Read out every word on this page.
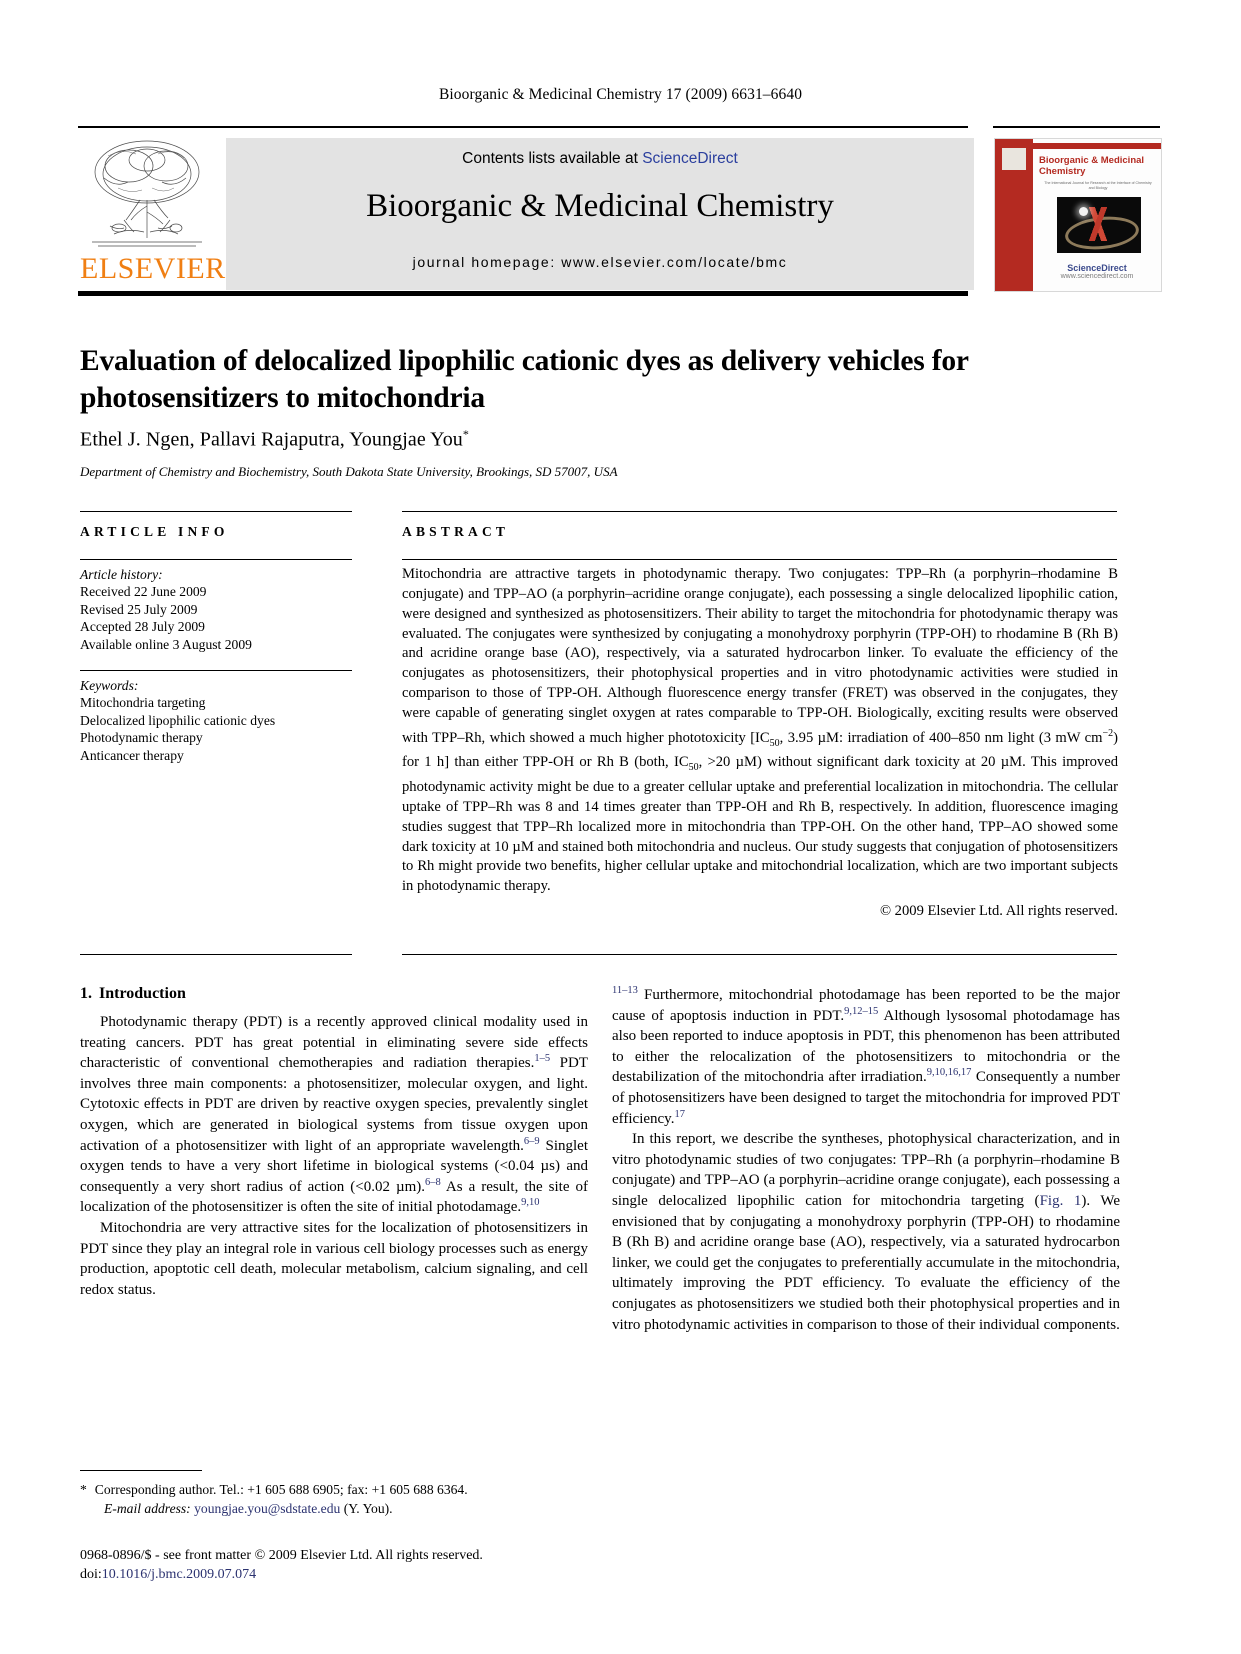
Bioorganic & Medicinal Chemistry 17 (2009) 6631–6640
ELSEVIER
Contents lists available at ScienceDirect
Bioorganic & Medicinal Chemistry
journal homepage: www.elsevier.com/locate/bmc
Bioorganic & Medicinal Chemistry
The International Journal for Research at the Interface of Chemistry and Biology
ScienceDirect
www.sciencedirect.com
Evaluation of delocalized lipophilic cationic dyes as delivery vehicles for photosensitizers to mitochondria
Ethel J. Ngen, Pallavi Rajaputra, Youngjae You*
Department of Chemistry and Biochemistry, South Dakota State University, Brookings, SD 57007, USA
ARTICLE INFO	ABSTRACT
Article history:
Received 22 June 2009
Revised 25 July 2009
Accepted 28 July 2009
Available online 3 August 2009
Keywords:
Mitochondria targeting
Delocalized lipophilic cationic dyes
Photodynamic therapy
Anticancer therapy
Mitochondria are attractive targets in photodynamic therapy. Two conjugates: TPP–Rh (a porphyrin–rhodamine B conjugate) and TPP–AO (a porphyrin–acridine orange conjugate), each possessing a single delocalized lipophilic cation, were designed and synthesized as photosensitizers. Their ability to target the mitochondria for photodynamic therapy was evaluated. The conjugates were synthesized by conjugating a monohydroxy porphyrin (TPP-OH) to rhodamine B (Rh B) and acridine orange base (AO), respectively, via a saturated hydrocarbon linker. To evaluate the efficiency of the conjugates as photosensitizers, their photophysical properties and in vitro photodynamic activities were studied in comparison to those of TPP-OH. Although fluorescence energy transfer (FRET) was observed in the conjugates, they were capable of generating singlet oxygen at rates comparable to TPP-OH. Biologically, exciting results were observed with TPP–Rh, which showed a much higher phototoxicity [$IC_{50}$, 3.95 µM: irradiation of 400–850 nm light (3 mW $cm^{-2}$) for 1 h] than either TPP-OH or Rh B (both, $IC_{50}$, >20 µM) without significant dark toxicity at 20 µM. This improved photodynamic activity might be due to a greater cellular uptake and preferential localization in mitochondria. The cellular uptake of TPP–Rh was 8 and 14 times greater than TPP-OH and Rh B, respectively. In addition, fluorescence imaging studies suggest that TPP–Rh localized more in mitochondria than TPP-OH. On the other hand, TPP–AO showed some dark toxicity at 10 µM and stained both mitochondria and nucleus. Our study suggests that conjugation of photosensitizers to Rh might provide two benefits, higher cellular uptake and mitochondrial localization, which are two important subjects in photodynamic therapy.
© 2009 Elsevier Ltd. All rights reserved.
1. Introduction

Photodynamic therapy (PDT) is a recently approved clinical modality used in treating cancers. PDT has great potential in eliminating severe side effects characteristic of conventional chemotherapies and radiation therapies.$^{1-5}$ PDT involves three main components: a photosensitizer, molecular oxygen, and light. Cytotoxic effects in PDT are driven by reactive oxygen species, prevalently singlet oxygen, which are generated in biological systems from tissue oxygen upon activation of a photosensitizer with light of an appropriate wavelength.$^{6-9}$ Singlet oxygen tends to have a very short lifetime in biological systems (<0.04 µs) and consequently a very short radius of action (<0.02 µm).$^{6-8}$ As a result, the site of localization of the photosensitizer is often the site of initial photodamage.$^{9,10}$

Mitochondria are very attractive sites for the localization of photosensitizers in PDT since they play an integral role in various cell biology processes such as energy production, apoptotic cell death, molecular metabolism, calcium signaling, and cell redox status.

$^{11-13}$ Furthermore, mitochondrial photodamage has been reported to be the major cause of apoptosis induction in PDT.$^{9,12-15}$ Although lysosomal photodamage has also been reported to induce apoptosis in PDT, this phenomenon has been attributed to either the relocalization of the photosensitizers to mitochondria or the destabilization of the mitochondria after irradiation.$^{9,10,16,17}$ Consequently a number of photosensitizers have been designed to target the mitochondria for improved PDT efficiency.$^{17}$

In this report, we describe the syntheses, photophysical characterization, and in vitro photodynamic studies of two conjugates: TPP–Rh (a porphyrin–rhodamine B conjugate) and TPP–AO (a porphyrin–acridine orange conjugate), each possessing a single delocalized lipophilic cation for mitochondria targeting (Fig. 1). We envisioned that by conjugating a monohydroxy porphyrin (TPP-OH) to rhodamine B (Rh B) and acridine orange base (AO), respectively, via a saturated hydrocarbon linker, we could get the conjugates to preferentially accumulate in the mitochondria, ultimately improving the PDT efficiency. To evaluate the efficiency of the conjugates as photosensitizers we studied both their photophysical properties and in vitro photodynamic activities in comparison to those of their individual components.

* Corresponding author. Tel.: +1 605 688 6905; fax: +1 605 688 6364.
E-mail address: youngjae.you@sdstate.edu (Y. You).
0968-0896/$ - see front matter © 2009 Elsevier Ltd. All rights reserved.
doi:10.1016/j.bmc.2009.07.074
